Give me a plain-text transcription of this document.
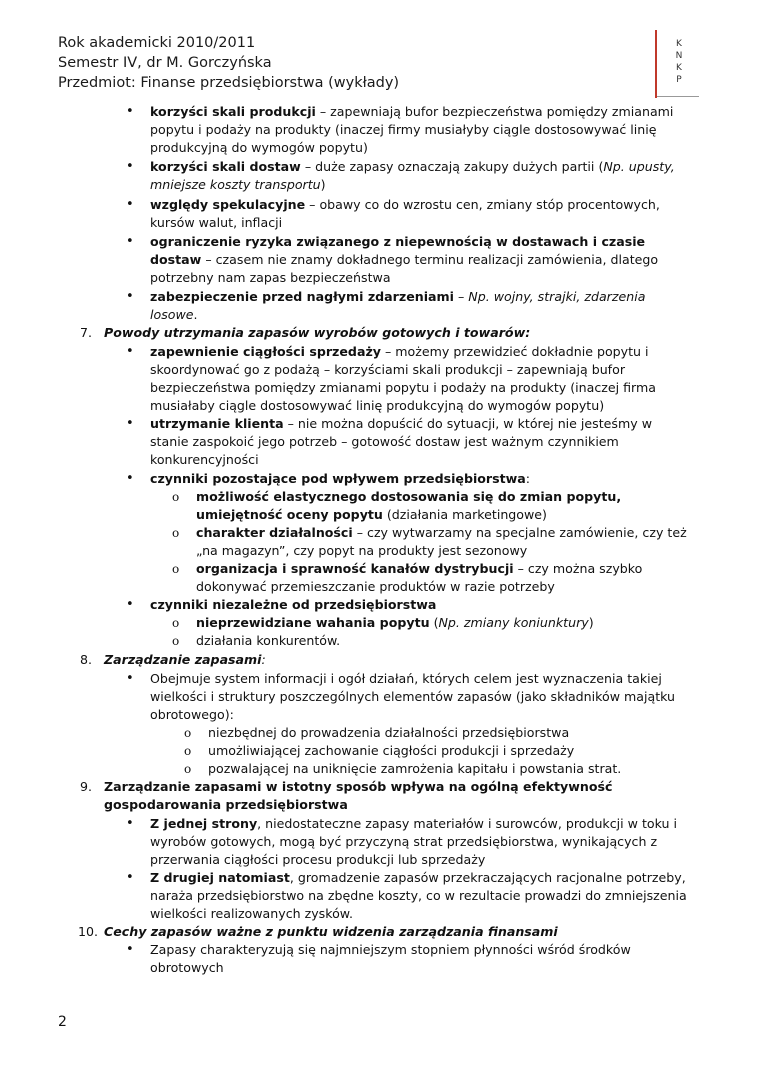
Rok akademicki 2010/2011
Semestr IV, dr M. Gorczyńska
Przedmiot: Finanse przedsiębiorstwa (wykłady)
K
N
K
P
• korzyści skali produkcji – zapewniają bufor bezpieczeństwa pomiędzy zmianami
popytu i podaży na produkty (inaczej firmy musiałyby ciągle dostosowywać linię
produkcyjną do wymogów popytu)
• korzyści skali dostaw – duże zapasy oznaczają zakupy dużych partii (Np. upusty,
mniejsze koszty transportu)
• względy spekulacyjne – obawy co do wzrostu cen, zmiany stóp procentowych,
kursów walut, inflacji
• ograniczenie ryzyka związanego z niepewnością w dostawach i czasie
dostaw – czasem nie znamy dokładnego terminu realizacji zamówienia, dlatego
potrzebny nam zapas bezpieczeństwa
• zabezpieczenie przed nagłymi zdarzeniami – Np. wojny, strajki, zdarzenia
losowe.
7. Powody utrzymania zapasów wyrobów gotowych i towarów:
• zapewnienie ciągłości sprzedaży – możemy przewidzieć dokładnie popytu i
skoordynować go z podażą – korzyściami skali produkcji – zapewniają bufor
bezpieczeństwa pomiędzy zmianami popytu i podaży na produkty (inaczej firma
musiałaby ciągle dostosowywać linię produkcyjną do wymogów popytu)
• utrzymanie klienta – nie można dopuścić do sytuacji, w której nie jesteśmy w
stanie zaspokoić jego potrzeb – gotowość dostaw jest ważnym czynnikiem
konkurencyjności
• czynniki pozostające pod wpływem przedsiębiorstwa:
o możliwość elastycznego dostosowania się do zmian popytu,
umiejętność oceny popytu (działania marketingowe)
o charakter działalności – czy wytwarzamy na specjalne zamówienie, czy też
„na magazyn”, czy popyt na produkty jest sezonowy
o organizacja i sprawność kanałów dystrybucji – czy można szybko
dokonywać przemieszczanie produktów w razie potrzeby
• czynniki niezależne od przedsiębiorstwa
o nieprzewidziane wahania popytu (Np. zmiany koniunktury)
o działania konkurentów.
8. Zarządzanie zapasami:
• Obejmuje system informacji i ogół działań, których celem jest wyznaczenia takiej
wielkości i struktury poszczególnych elementów zapasów (jako składników majątku
obrotowego):
o niezbędnej do prowadzenia działalności przedsiębiorstwa
o umożliwiającej zachowanie ciągłości produkcji i sprzedaży
o pozwalającej na uniknięcie zamrożenia kapitału i powstania strat.
9. Zarządzanie zapasami w istotny sposób wpływa na ogólną efektywność
gospodarowania przedsiębiorstwa
• Z jednej strony, niedostateczne zapasy materiałów i surowców, produkcji w toku i
wyrobów gotowych, mogą być przyczyną strat przedsiębiorstwa, wynikających z
przerwania ciągłości procesu produkcji lub sprzedaży
• Z drugiej natomiast, gromadzenie zapasów przekraczających racjonalne potrzeby,
naraża przedsiębiorstwo na zbędne koszty, co w rezultacie prowadzi do zmniejszenia
wielkości realizowanych zysków.
10. Cechy zapasów ważne z punktu widzenia zarządzania finansami
• Zapasy charakteryzują się najmniejszym stopniem płynności wśród środków
obrotowych
2
